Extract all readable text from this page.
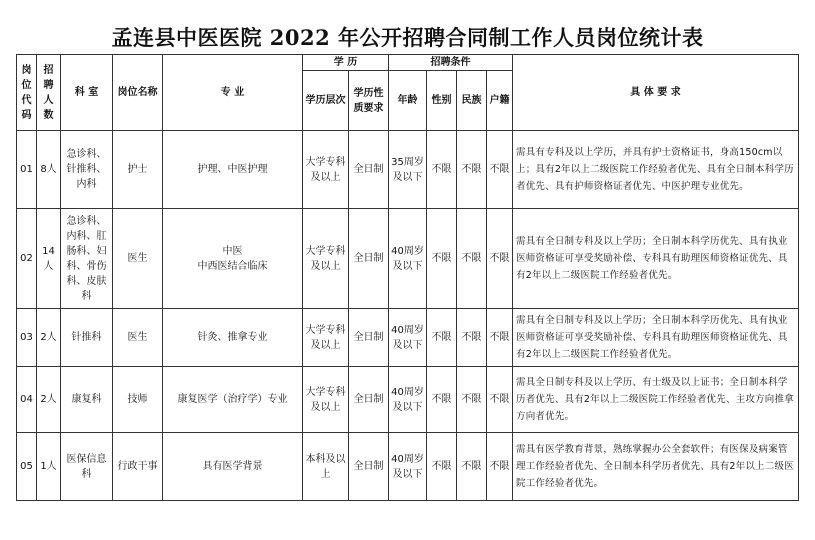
孟连县中医医院 2022 年公开招聘合同制工作人员岗位统计表
岗位代码	招聘人数	科 室	岗位名称	专 业	学 历		招聘条件				具 体 要 求
					学历层次	学历性质要求	年龄	性别	民族	户籍	
01	8人	急诊科、针推科、内科	护士	护理、中医护理	大学专科及以上	全日制	35周岁及以下	不限	不限	不限	需具有专科及以上学历，并具有护士资格证书，身高150cm以上；具有2年以上二级医院工作经验者优先、具有全日制本科学历者优先、具有护师资格证者优先、中医护理专业优先。
02	14人	急诊科、内科、肛肠科、妇科、骨伤科、皮肤科	医生	中医
中西医结合临床	大学专科及以上	全日制	40周岁及以下	不限	不限	不限	需具有全日制专科及以上学历；全日制本科学历优先、具有执业医师资格证可享受奖励补偿、专科具有助理医师资格证优先、具有2年以上二级医院工作经验者优先。
03	2人	针推科	医生	针灸、推拿专业	大学专科及以上	全日制	40周岁及以下	不限	不限	不限	需具有全日制专科及以上学历；全日制本科学历优先、具有执业医师资格证可享受奖励补偿、专科具有助理医师资格证优先、具有2年以上二级医院工作经验者优先。
04	2人	康复科	技师	康复医学（治疗学）专业	大学专科及以上	全日制	40周岁及以下	不限	不限	不限	需具全日制专科及以上学历、有士级及以上证书；全日制本科学历者优先、具有2年以上二级医院工作经验者优先、主攻方向推拿方向者优先。
05	1人	医保信息科	行政干事	具有医学背景	本科及以上	全日制	40周岁及以下	不限	不限	不限	需具有医学教育背景，熟练掌握办公全套软件；有医保及病案管理工作经验者优先、全日制本科学历者优先、具有2年以上二级医院工作经验者优先。
